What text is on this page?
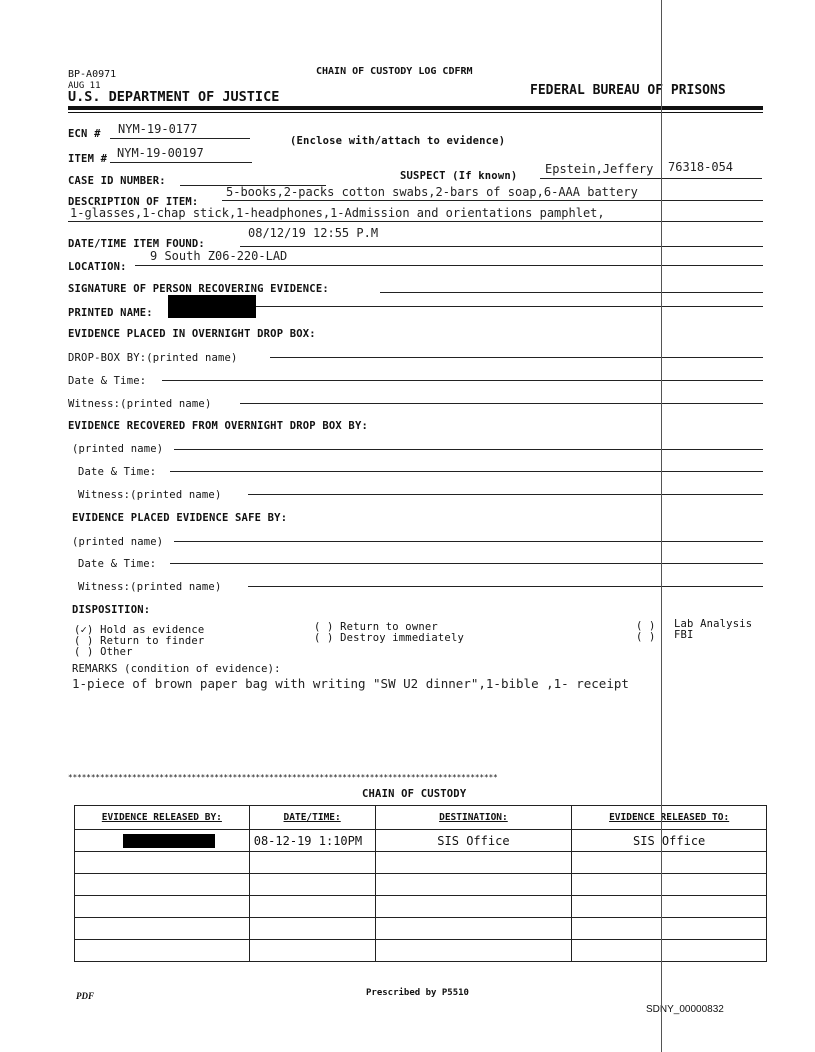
BP-A0971
AUG 11
CHAIN OF CUSTODY LOG CDFRM
U.S. DEPARTMENT OF JUSTICE	FEDERAL BUREAU OF PRISONS
ECN # NYM-19-0177
(Enclose with/attach to evidence)
ITEM # NYM-19-00197
CASE ID NUMBER:	SUSPECT (If known) Epstein,Jeffery 76318-054
DESCRIPTION OF ITEM:
5-books,2-packs cotton swabs,2-bars of soap,6-AAA battery
1-glasses,1-chap stick,1-headphones,1-Admission and orientations pamphlet,
08/12/19 12:55 P.M
DATE/TIME ITEM FOUND:
9 South Z06-220-LAD
LOCATION:
SIGNATURE OF PERSON RECOVERING EVIDENCE:
PRINTED NAME:
EVIDENCE PLACED IN OVERNIGHT DROP BOX:
DROP-BOX BY:(printed name)
Date & Time:
Witness:(printed name)
EVIDENCE RECOVERED FROM OVERNIGHT DROP BOX BY:
(printed name)
Date & Time:
Witness:(printed name)
EVIDENCE PLACED EVIDENCE SAFE BY:
(printed name)
Date & Time:
Witness:(printed name)
DISPOSITION:
(✓) Hold as evidence
( ) Return to finder
( ) Other
( ) Return to owner
( ) Destroy immediately
( )
( )
Lab Analysis
FBI
REMARKS (condition of evidence):
1-piece of brown paper bag with writing "SW U2 dinner",1-bible ,1- receipt
**********************************************************************************************
CHAIN OF CUSTODY
EVIDENCE RELEASED BY:	DATE/TIME:	DESTINATION:	EVIDENCE RELEASED TO:

	08-12-19 1:10PM	SIS Office	SIS Office

PDF	Prescribed by P5510
SDNY_00000832
